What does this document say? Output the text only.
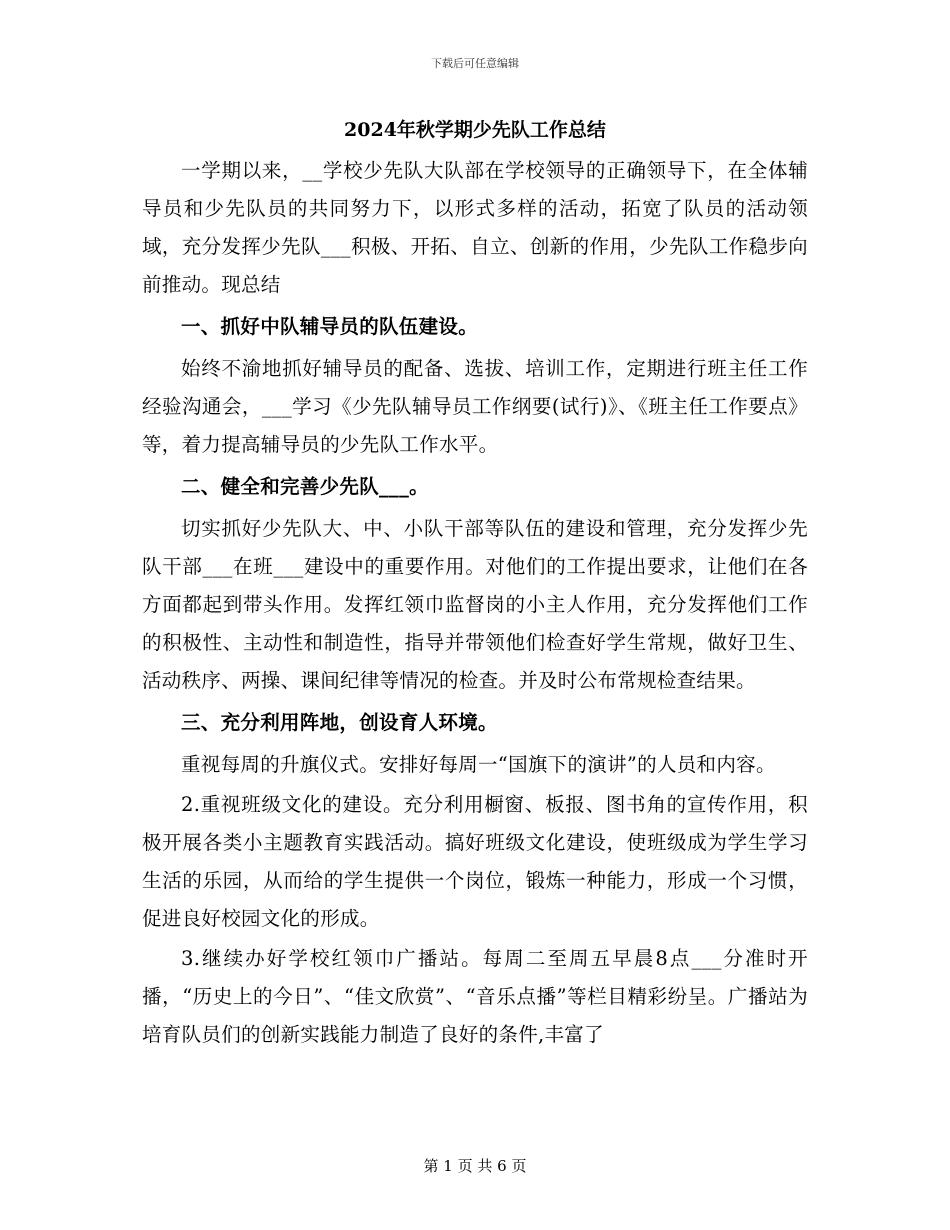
下载后可任意编辑
2024年秋学期少先队工作总结

一学期以来，__学校少先队大队部在学校领导的正确领导下，在全体辅导员和少先队员的共同努力下，以形式多样的活动，拓宽了队员的活动领域，充分发挥少先队___积极、开拓、自立、创新的作用，少先队工作稳步向前推动。现总结

一、抓好中队辅导员的队伍建设。

始终不渝地抓好辅导员的配备、选拔、培训工作，定期进行班主任工作经验沟通会，___学习《少先队辅导员工作纲要(试行)》、《班主任工作要点》等，着力提高辅导员的少先队工作水平。

二、健全和完善少先队___。

切实抓好少先队大、中、小队干部等队伍的建设和管理，充分发挥少先队干部___在班___建设中的重要作用。对他们的工作提出要求，让他们在各方面都起到带头作用。发挥红领巾监督岗的小主人作用，充分发挥他们工作的积极性、主动性和制造性，指导并带领他们检查好学生常规，做好卫生、活动秩序、两操、课间纪律等情况的检查。并及时公布常规检查结果。

三、充分利用阵地，创设育人环境。

重视每周的升旗仪式。安排好每周一“国旗下的演讲”的人员和内容。

2.重视班级文化的建设。充分利用橱窗、板报、图书角的宣传作用，积极开展各类小主题教育实践活动。搞好班级文化建设，使班级成为学生学习生活的乐园，从而给的学生提供一个岗位，锻炼一种能力，形成一个习惯，促进良好校园文化的形成。

3.继续办好学校红领巾广播站。每周二至周五早晨8点___分准时开播，“历史上的今日”、“佳文欣赏”、“音乐点播”等栏目精彩纷呈。广播站为培育队员们的创新实践能力制造了良好的条件,丰富了

第 1 页 共 6 页
